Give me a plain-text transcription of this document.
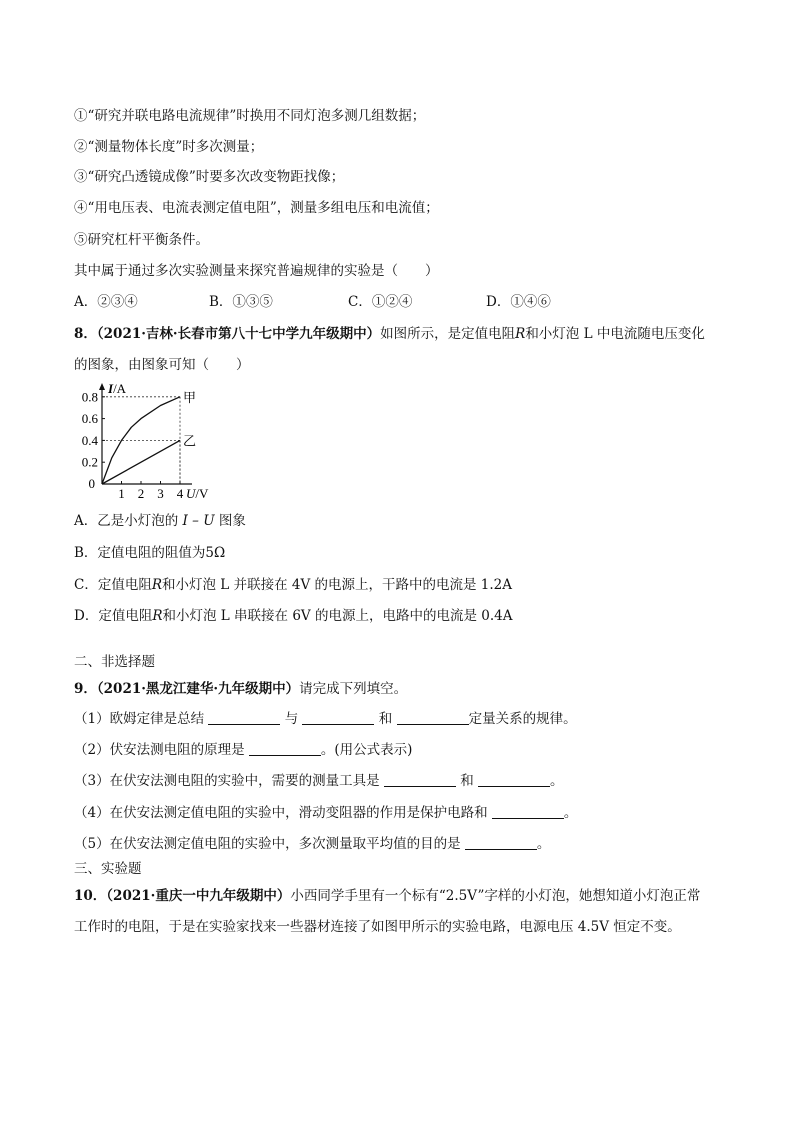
①“研究并联电路电流规律”时换用不同灯泡多测几组数据；
②“测量物体长度”时多次测量；
③“研究凸透镜成像”时要多次改变物距找像；
④“用电压表、电流表测定值电阻”，测量多组电压和电流值；
⑤研究杠杆平衡条件。
其中属于通过多次实验测量来探究普遍规律的实验是（　　）
A．②③④	B．①③⑤	C．①②④	D．①④⑥
8．（2021·吉林·长春市第八十七中学九年级期中）如图所示，是定值电阻R和小灯泡 L 中电流随电压变化
的图象，由图象可知（　　）
0.2
0.4
0.6
0.8
1 2 3 4
0
I/A
U/V
甲
乙
A．乙是小灯泡的 I – U 图象
B．定值电阻的阻值为5Ω
C．定值电阻R和小灯泡 L 并联接在 4V 的电源上，干路中的电流是 1.2A
D．定值电阻R和小灯泡 L 串联接在 6V 的电源上，电路中的电流是 0.4A
二、非选择题
9．（2021·黑龙江建华·九年级期中）请完成下列填空。
（1）欧姆定律是总结	与	和	定量关系的规律。
（2）伏安法测电阻的原理是	。(用公式表示)
（3）在伏安法测电阻的实验中，需要的测量工具是	和	。
（4）在伏安法测定值电阻的实验中，滑动变阻器的作用是保护电路和	。
（5）在伏安法测定值电阻的实验中，多次测量取平均值的目的是	。
三、实验题
10．（2021·重庆一中九年级期中）小西同学手里有一个标有“2.5V”字样的小灯泡，她想知道小灯泡正常
工作时的电阻，于是在实验家找来一些器材连接了如图甲所示的实验电路，电源电压 4.5V 恒定不变。
